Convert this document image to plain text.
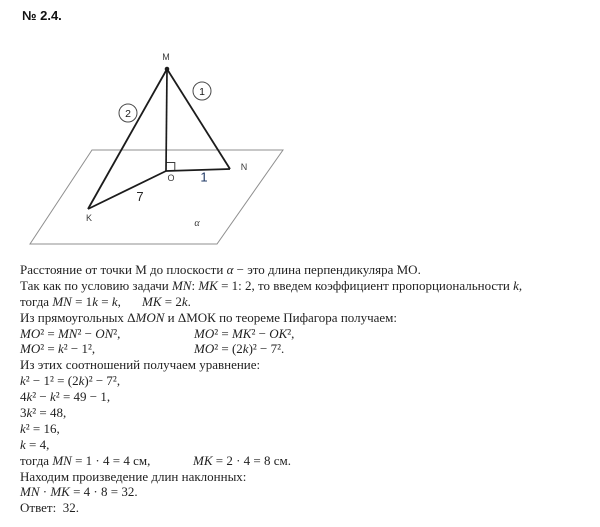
№ 2.4.
1
2
M
O
N
K	α
1
7
Расстояние от точки М до плоскости α − это длина перпендикуляра МО.
Так как по условию задачи MN: MK = 1: 2, то введем коэффициент пропорциональности k,
тогда MN = 1k = k, MK = 2k.
Из прямоугольных ΔMON и ΔМОК по теореме Пифагора получаем:
MO² = MN² − ON²,	MO² = MK² − OK²,
MO² = k² − 1²,	MO² = (2k)² − 7².
Из этих соотношений получаем уравнение:
k² − 1² = (2k)² − 7²,
4k² − k² = 49 − 1,
3k² = 48,
k² = 16,
k = 4,
тогда MN = 1 · 4 = 4 см,	MK = 2 · 4 = 8 см.
Находим произведение длин наклонных:
MN · MK = 4 · 8 = 32.
Ответ:  32.
